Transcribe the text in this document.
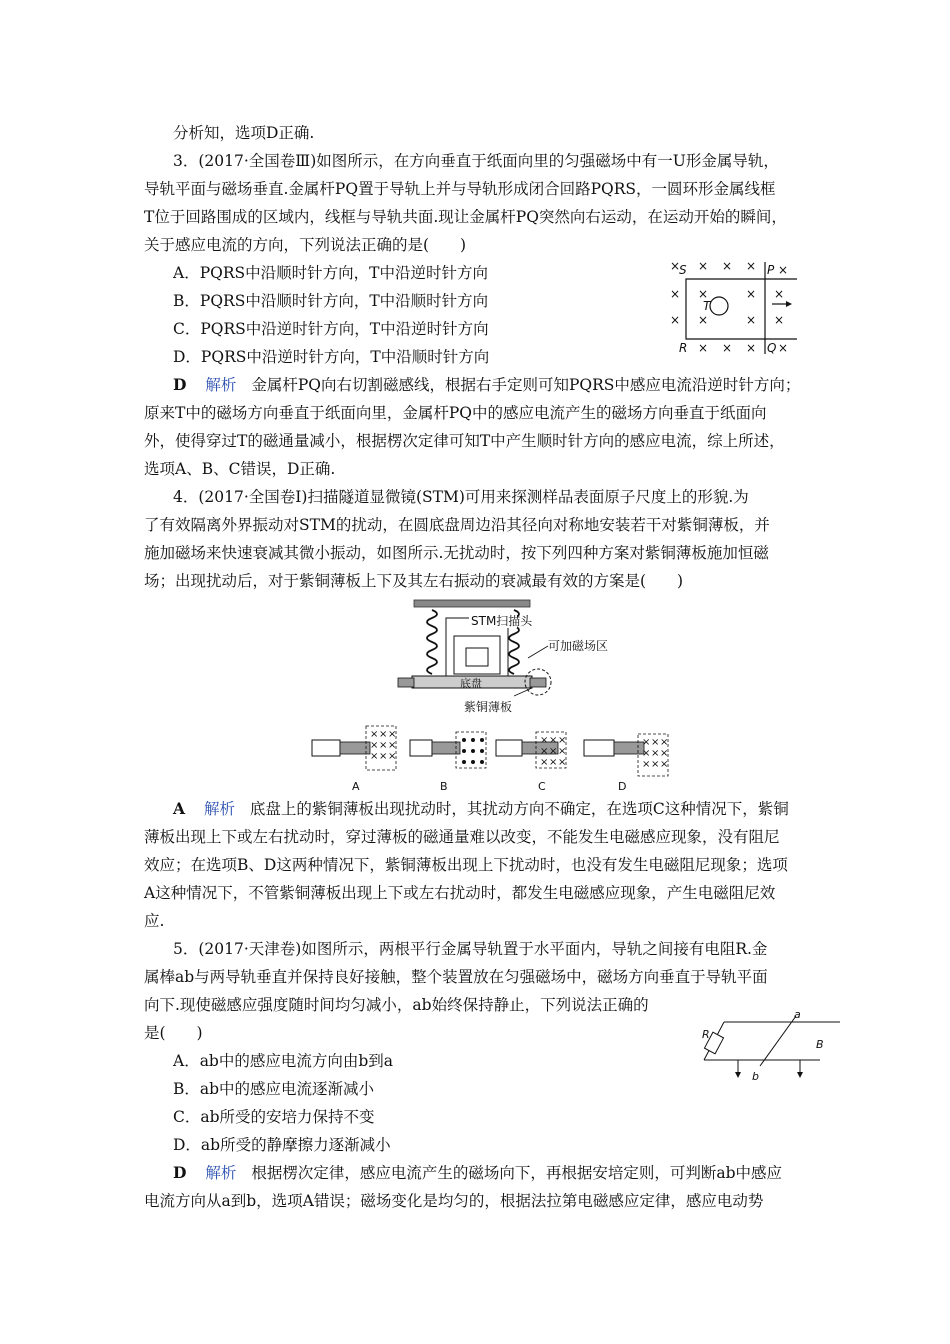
分析知，选项D正确.
3．(2017·全国卷Ⅲ)如图所示，在方向垂直于纸面向里的匀强磁场中有一U形金属导轨，
导轨平面与磁场垂直.金属杆PQ置于导轨上并与导轨形成闭合回路PQRS，一圆环形金属线框
T位于回路围成的区域内，线框与导轨共面.现让金属杆PQ突然向右运动，在运动开始的瞬间，
关于感应电流的方向，下列说法正确的是(　　)
A．PQRS中沿顺时针方向，T中沿逆时针方向
B．PQRS中沿顺时针方向，T中沿顺时针方向
C．PQRS中沿逆时针方向，T中沿逆时针方向
D．PQRS中沿逆时针方向，T中沿顺时针方向
× × × ×
×	×
× ×	× ×
× × ×
×	×
×
×
S	P
R	Q
T
D 解析 金属杆PQ向右切割磁感线，根据右手定则可知PQRS中感应电流沿逆时针方向；
原来T中的磁场方向垂直于纸面向里，金属杆PQ中的感应电流产生的磁场方向垂直于纸面向
外，使得穿过T的磁通量减小，根据楞次定律可知T中产生顺时针方向的感应电流，综上所述，
选项A、B、C错误，D正确.
4．(2017·全国卷Ⅰ)扫描隧道显微镜(STM)可用来探测样品表面原子尺度上的形貌.为
了有效隔离外界振动对STM的扰动，在圆底盘周边沿其径向对称地安装若干对紫铜薄板，并
施加磁场来快速衰减其微小振动，如图所示.无扰动时，按下列四种方案对紫铜薄板施加恒磁
场；出现扰动后，对于紫铜薄板上下及其左右振动的衰减最有效的方案是(　　)
STM扫描头
可加磁场区
底盘
紫铜薄板
× × ×
× × ×
× × ×
× × ×
× × ×
× × ×
× × ×
× × ×
× × ×
A	B	C	D
A 解析 底盘上的紫铜薄板出现扰动时，其扰动方向不确定，在选项C这种情况下，紫铜
薄板出现上下或左右扰动时，穿过薄板的磁通量难以改变，不能发生电磁感应现象，没有阻尼
效应；在选项B、D这两种情况下，紫铜薄板出现上下扰动时，也没有发生电磁阻尼现象；选项
A这种情况下，不管紫铜薄板出现上下或左右扰动时，都发生电磁感应现象，产生电磁阻尼效
应.
5．(2017·天津卷)如图所示，两根平行金属导轨置于水平面内，导轨之间接有电阻R.金
属棒ab与两导轨垂直并保持良好接触，整个装置放在匀强磁场中，磁场方向垂直于导轨平面
向下.现使磁感应强度随时间均匀减小，ab始终保持静止，下列说法正确的
是(　　)
A．ab中的感应电流方向由b到a
B．ab中的感应电流逐渐减小
C．ab所受的安培力保持不变
D．ab所受的静摩擦力逐渐减小
R
a
b
B
D 解析 根据楞次定律，感应电流产生的磁场向下，再根据安培定则，可判断ab中感应
电流方向从a到b，选项A错误；磁场变化是均匀的，根据法拉第电磁感应定律，感应电动势
